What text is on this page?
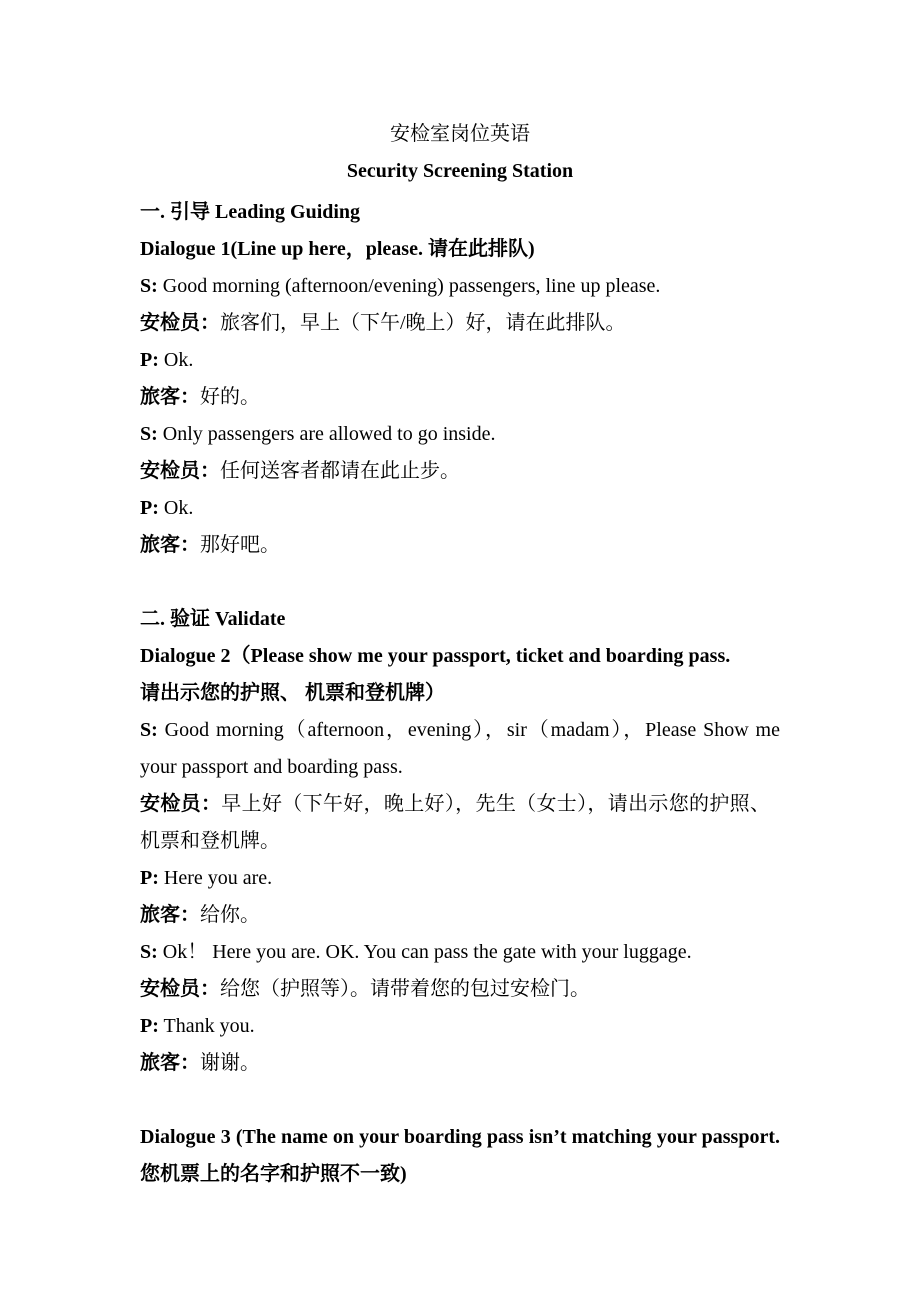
安检室岗位英语
Security Screening Station
一. 引导 Leading Guiding
Dialogue 1(Line up here，please. 请在此排队)
S: Good morning (afternoon/evening) passengers, line up please.
安检员：旅客们，早上（下午/晚上）好，请在此排队。
P: Ok.
旅客：好的。
S: Only passengers are allowed to go inside.
安检员：任何送客者都请在此止步。
P: Ok.
旅客：那好吧。
二. 验证 Validate
Dialogue 2（Please show me your passport, ticket and boarding pass.
请出示您的护照、 机票和登机牌）
S: Good morning（afternoon，evening），sir（madam），Please Show me your passport and boarding pass.
安检员：早上好（下午好，晚上好），先生（女士），请出示您的护照、机票和登机牌。
P: Here you are.
旅客：给你。
S: Ok！ Here you are. OK. You can pass the gate with your luggage.
安检员：给您（护照等）。请带着您的包过安检门。
P: Thank you.
旅客：谢谢。
Dialogue 3 (The name on your boarding pass isn’t matching your passport.您机票上的名字和护照不一致)
